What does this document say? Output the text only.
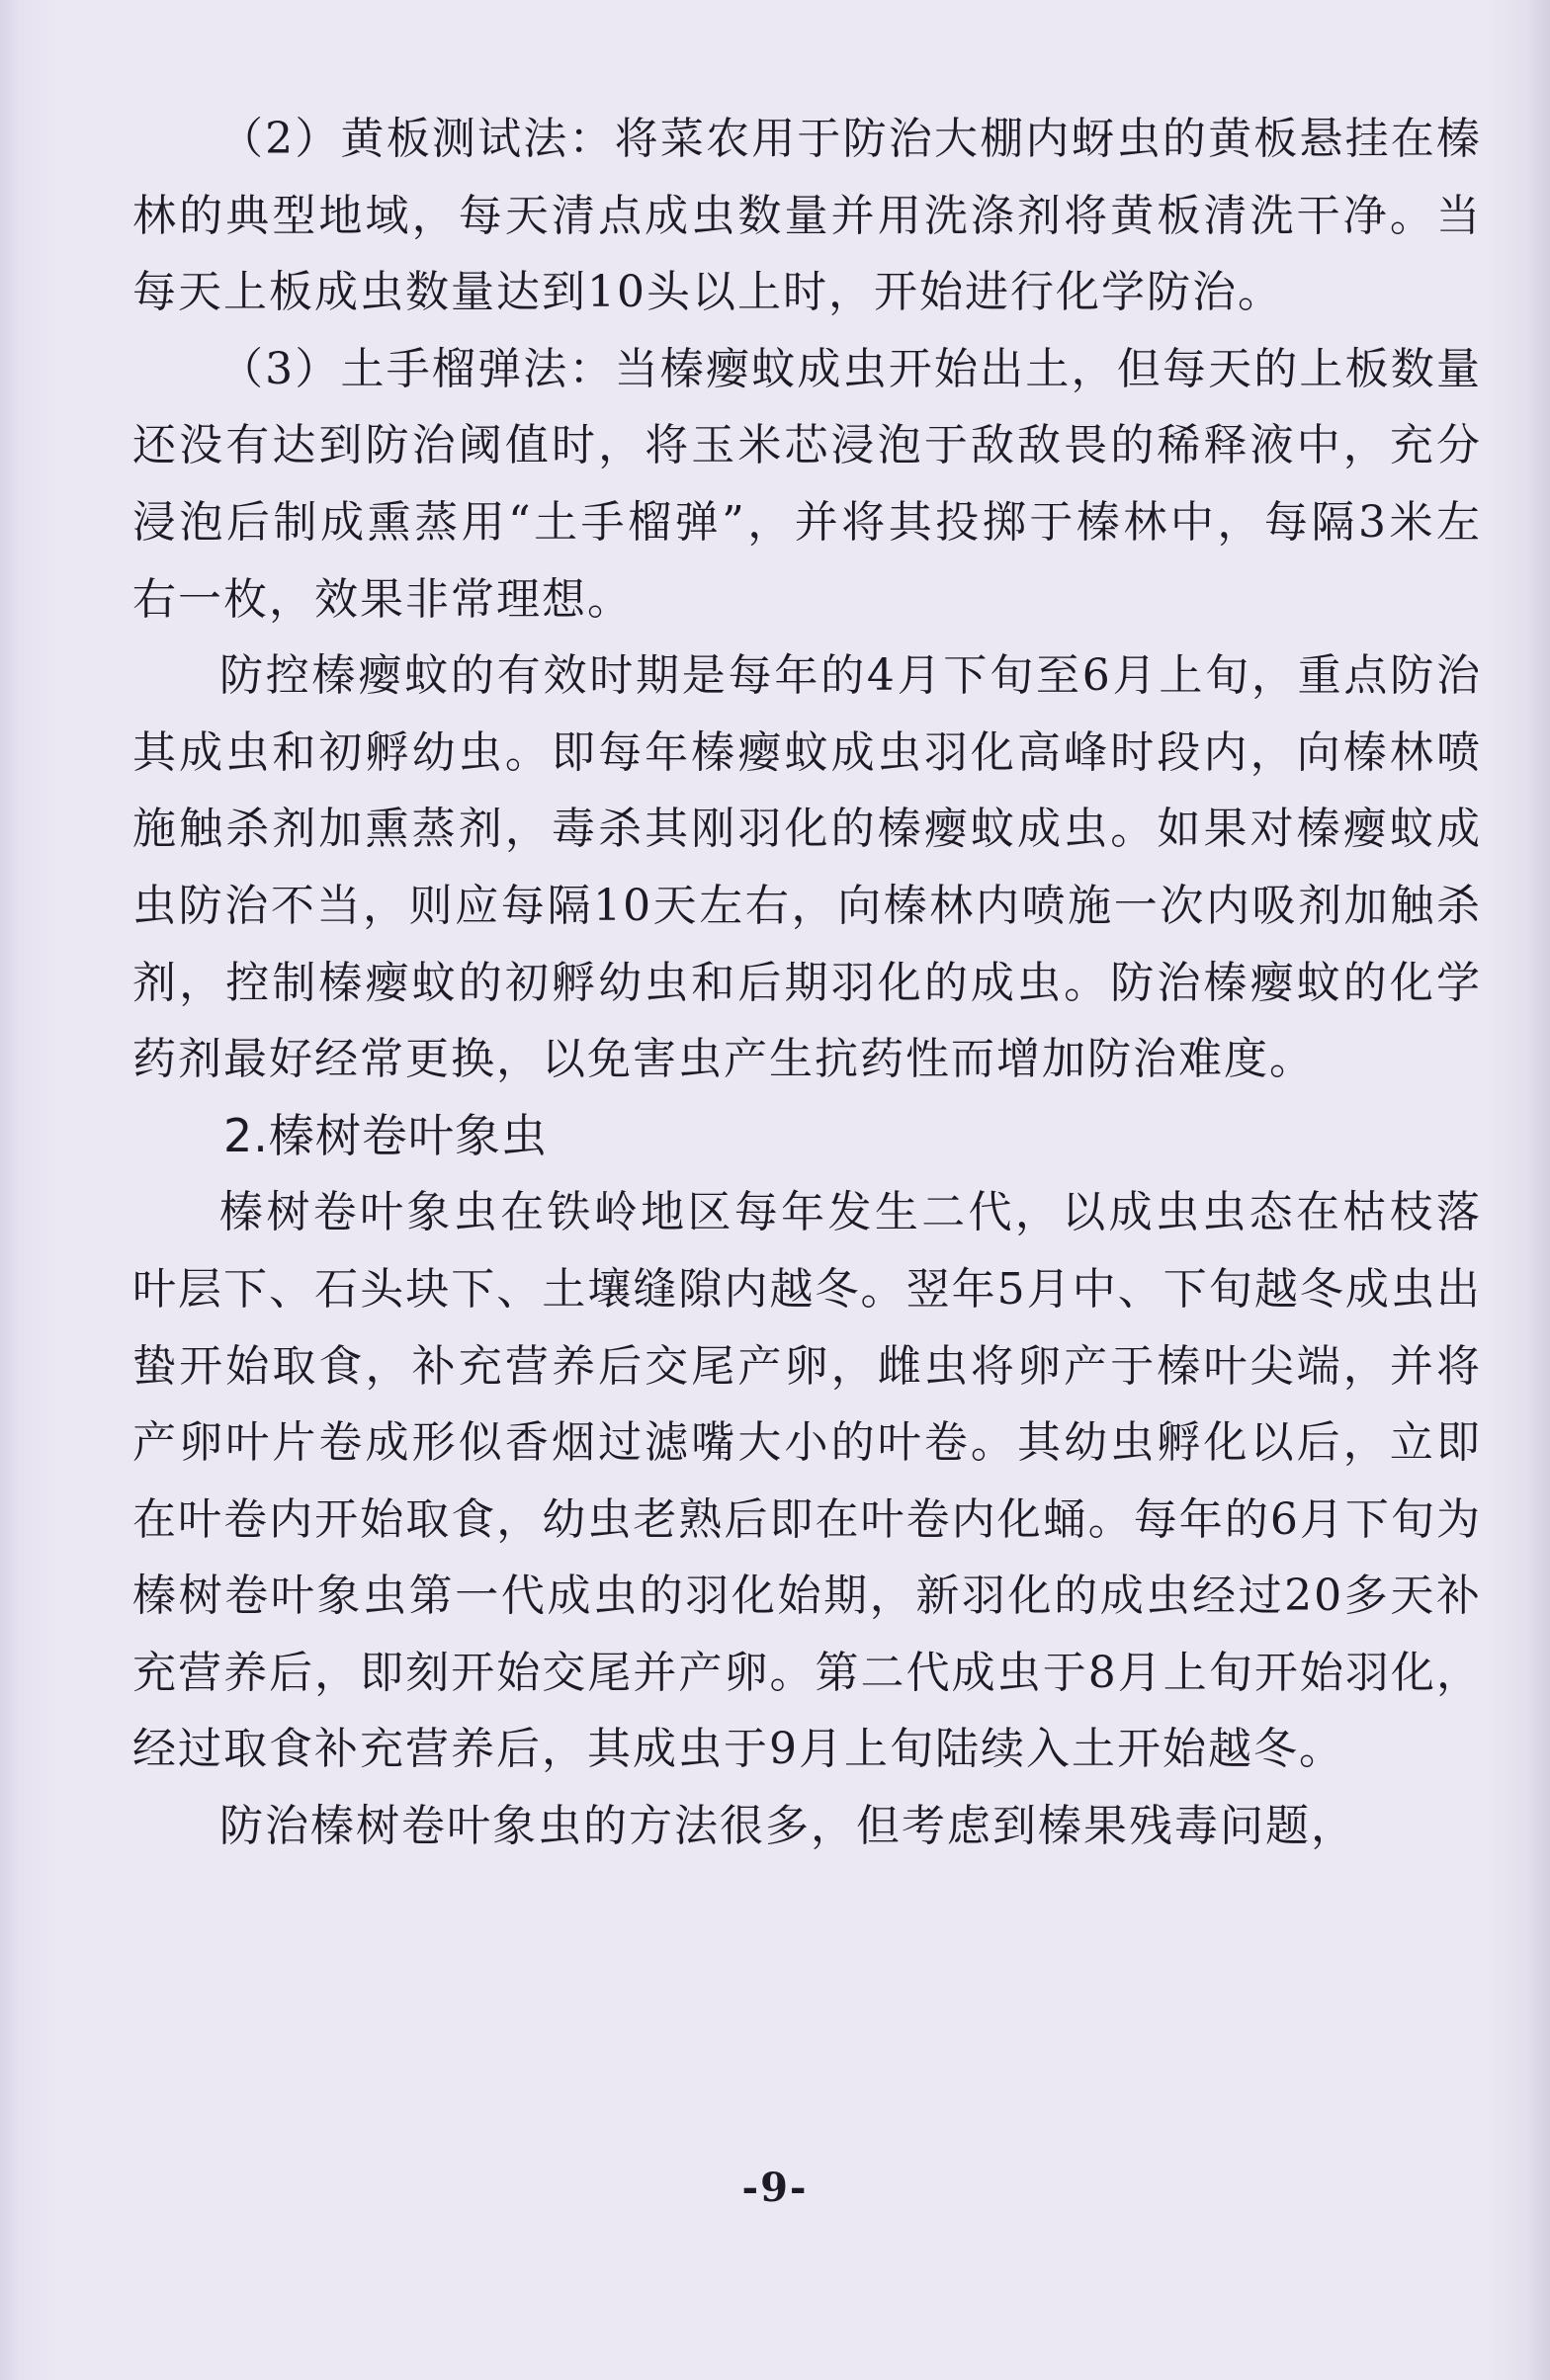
（2）黄板测试法：将菜农用于防治大棚内蚜虫的黄板悬挂在榛林的典型地域，每天清点成虫数量并用洗涤剂将黄板清洗干净。当每天上板成虫数量达到10头以上时，开始进行化学防治。

（3）土手榴弹法：当榛瘿蚊成虫开始出土，但每天的上板数量还没有达到防治阈值时，将玉米芯浸泡于敌敌畏的稀释液中，充分浸泡后制成熏蒸用“土手榴弹”，并将其投掷于榛林中，每隔3米左右一枚，效果非常理想。

防控榛瘿蚊的有效时期是每年的4月下旬至6月上旬，重点防治其成虫和初孵幼虫。即每年榛瘿蚊成虫羽化高峰时段内，向榛林喷施触杀剂加熏蒸剂，毒杀其刚羽化的榛瘿蚊成虫。如果对榛瘿蚊成虫防治不当，则应每隔10天左右，向榛林内喷施一次内吸剂加触杀剂，控制榛瘿蚊的初孵幼虫和后期羽化的成虫。防治榛瘿蚊的化学药剂最好经常更换，以免害虫产生抗药性而增加防治难度。

2.榛树卷叶象虫

榛树卷叶象虫在铁岭地区每年发生二代，以成虫虫态在枯枝落叶层下、石头块下、土壤缝隙内越冬。翌年5月中、下旬越冬成虫出蛰开始取食，补充营养后交尾产卵，雌虫将卵产于榛叶尖端，并将产卵叶片卷成形似香烟过滤嘴大小的叶卷。其幼虫孵化以后，立即在叶卷内开始取食，幼虫老熟后即在叶卷内化蛹。每年的6月下旬为榛树卷叶象虫第一代成虫的羽化始期，新羽化的成虫经过20多天补充营养后，即刻开始交尾并产卵。第二代成虫于8月上旬开始羽化，经过取食补充营养后，其成虫于9月上旬陆续入土开始越冬。

防治榛树卷叶象虫的方法很多，但考虑到榛果残毒问题，

-9-
